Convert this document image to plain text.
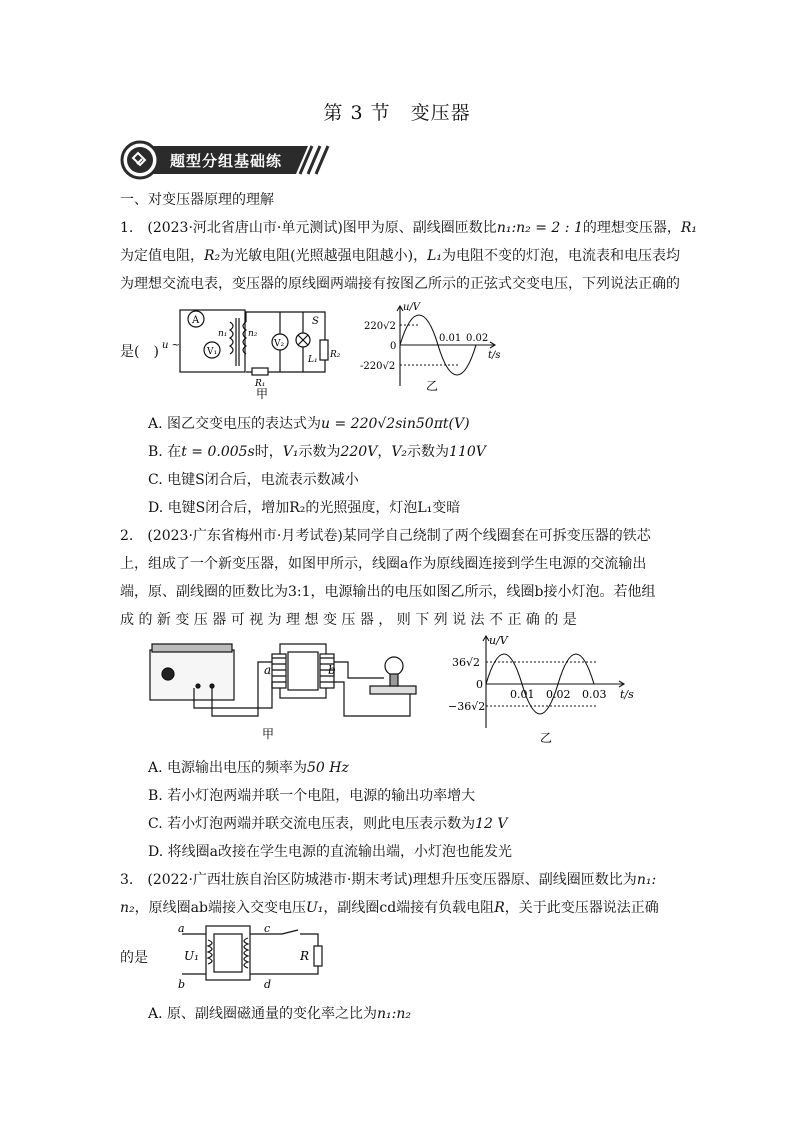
第 3 节　变压器
题型分组基础练
一、对变压器原理的理解
1.　(2023·河北省唐山市·单元测试)图甲为原、副线圈匝数比n₁:n₂ = 2 : 1的理想变压器，R₁
为定值电阻，R₂为光敏电阻(光照越强电阻越小)，L₁为电阻不变的灯泡，电流表和电压表均
为理想交流电表，变压器的原线圈两端接有按图乙所示的正弦式交变电压，下列说法正确的
是(　)
A
V₁
V₂
n₁ n₂
R₁
R₂
L₁
S
u ~
甲
u/V
t/s
220√2
-220√2
0
0.01 0.02
乙
A. 图乙交变电压的表达式为u = 220√2sin50πt(V)
B. 在t = 0.005s时，V₁示数为220V，V₂示数为110V
C. 电键S闭合后，电流表示数减小
D. 电键S闭合后，增加R₂的光照强度，灯泡L₁变暗
2.　(2023·广东省梅州市·月考试卷)某同学自己绕制了两个线圈套在可拆变压器的铁芯
上，组成了一个新变压器，如图甲所示，线圈a作为原线圈连接到学生电源的交流输出
端，原、副线圈的匝数比为3:1，电源输出的电压如图乙所示，线圈b接小灯泡。若他组
成 的 新 变 压 器 可 视 为 理 想 变 压 器 ， 则 下 列 说 法 不 正 确 的 是
a	b
甲
u/V
t/s
36√2
−36√2
0
0.01 0.02 0.03
乙
A. 电源输出电压的频率为50 Hz
B. 若小灯泡两端并联一个电阻，电源的输出功率增大
C. 若小灯泡两端并联交流电压表，则此电压表示数为12 V
D. 将线圈a改接在学生电源的直流输出端，小灯泡也能发光
3.　(2022·广西壮族自治区防城港市·期末考试)理想升压变压器原、副线圈匝数比为n₁:
n₂，原线圈ab端接入交变电压U₁，副线圈cd端接有负载电阻R，关于此变压器说法正确
的是
a
b
c
d
U₁	R
A. 原、副线圈磁通量的变化率之比为n₁:n₂
